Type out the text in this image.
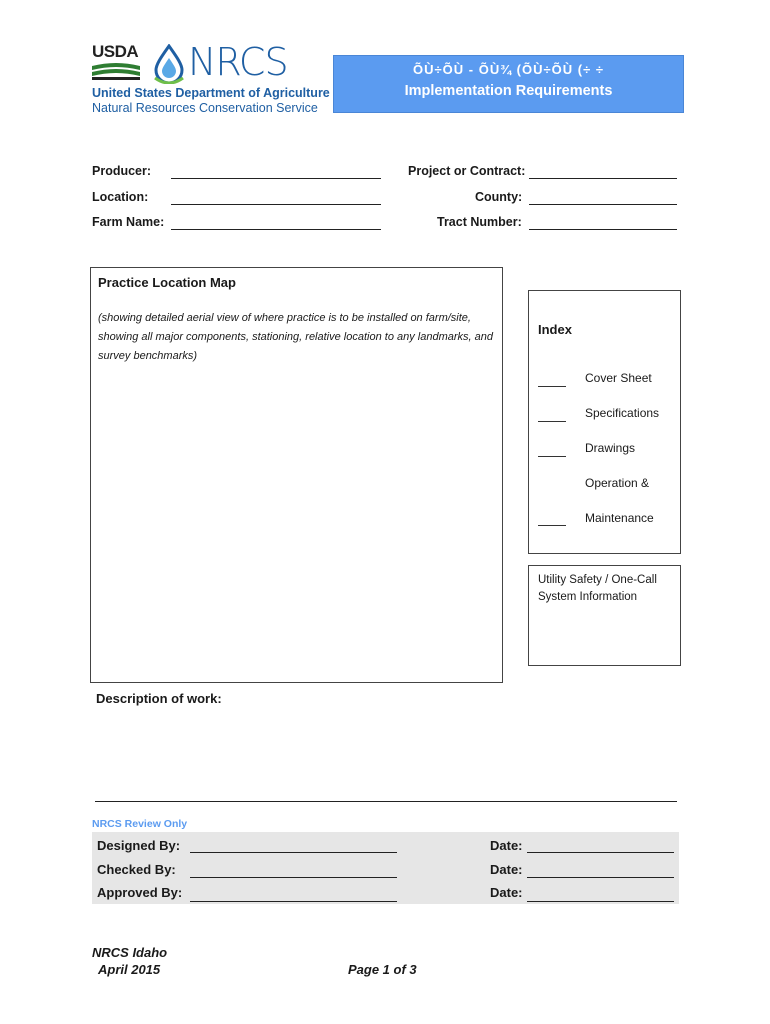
USDA NRCS
United States Department of Agriculture
Natural Resources Conservation Service
ÕÙ÷ÕÙ - ÕÙ¾ (ÕÙ÷ÕÙ (÷ ÷
Implementation Requirements
Producer:
Location:
Farm Name:
Project or Contract:
County:
Tract Number:
Practice Location Map
(showing detailed aerial view of where practice is to be installed on farm/site, showing all major components, stationing, relative location to any landmarks, and survey benchmarks)
Index
Cover Sheet
Specifications
Drawings
Operation &
Maintenance
Utility Safety / One-Call System Information
Description of work:
NRCS Review Only
Designed By:
Checked By:
Approved By:
Date:
Date:
Date:
NRCS Idaho
April 2015	Page 1 of 3
